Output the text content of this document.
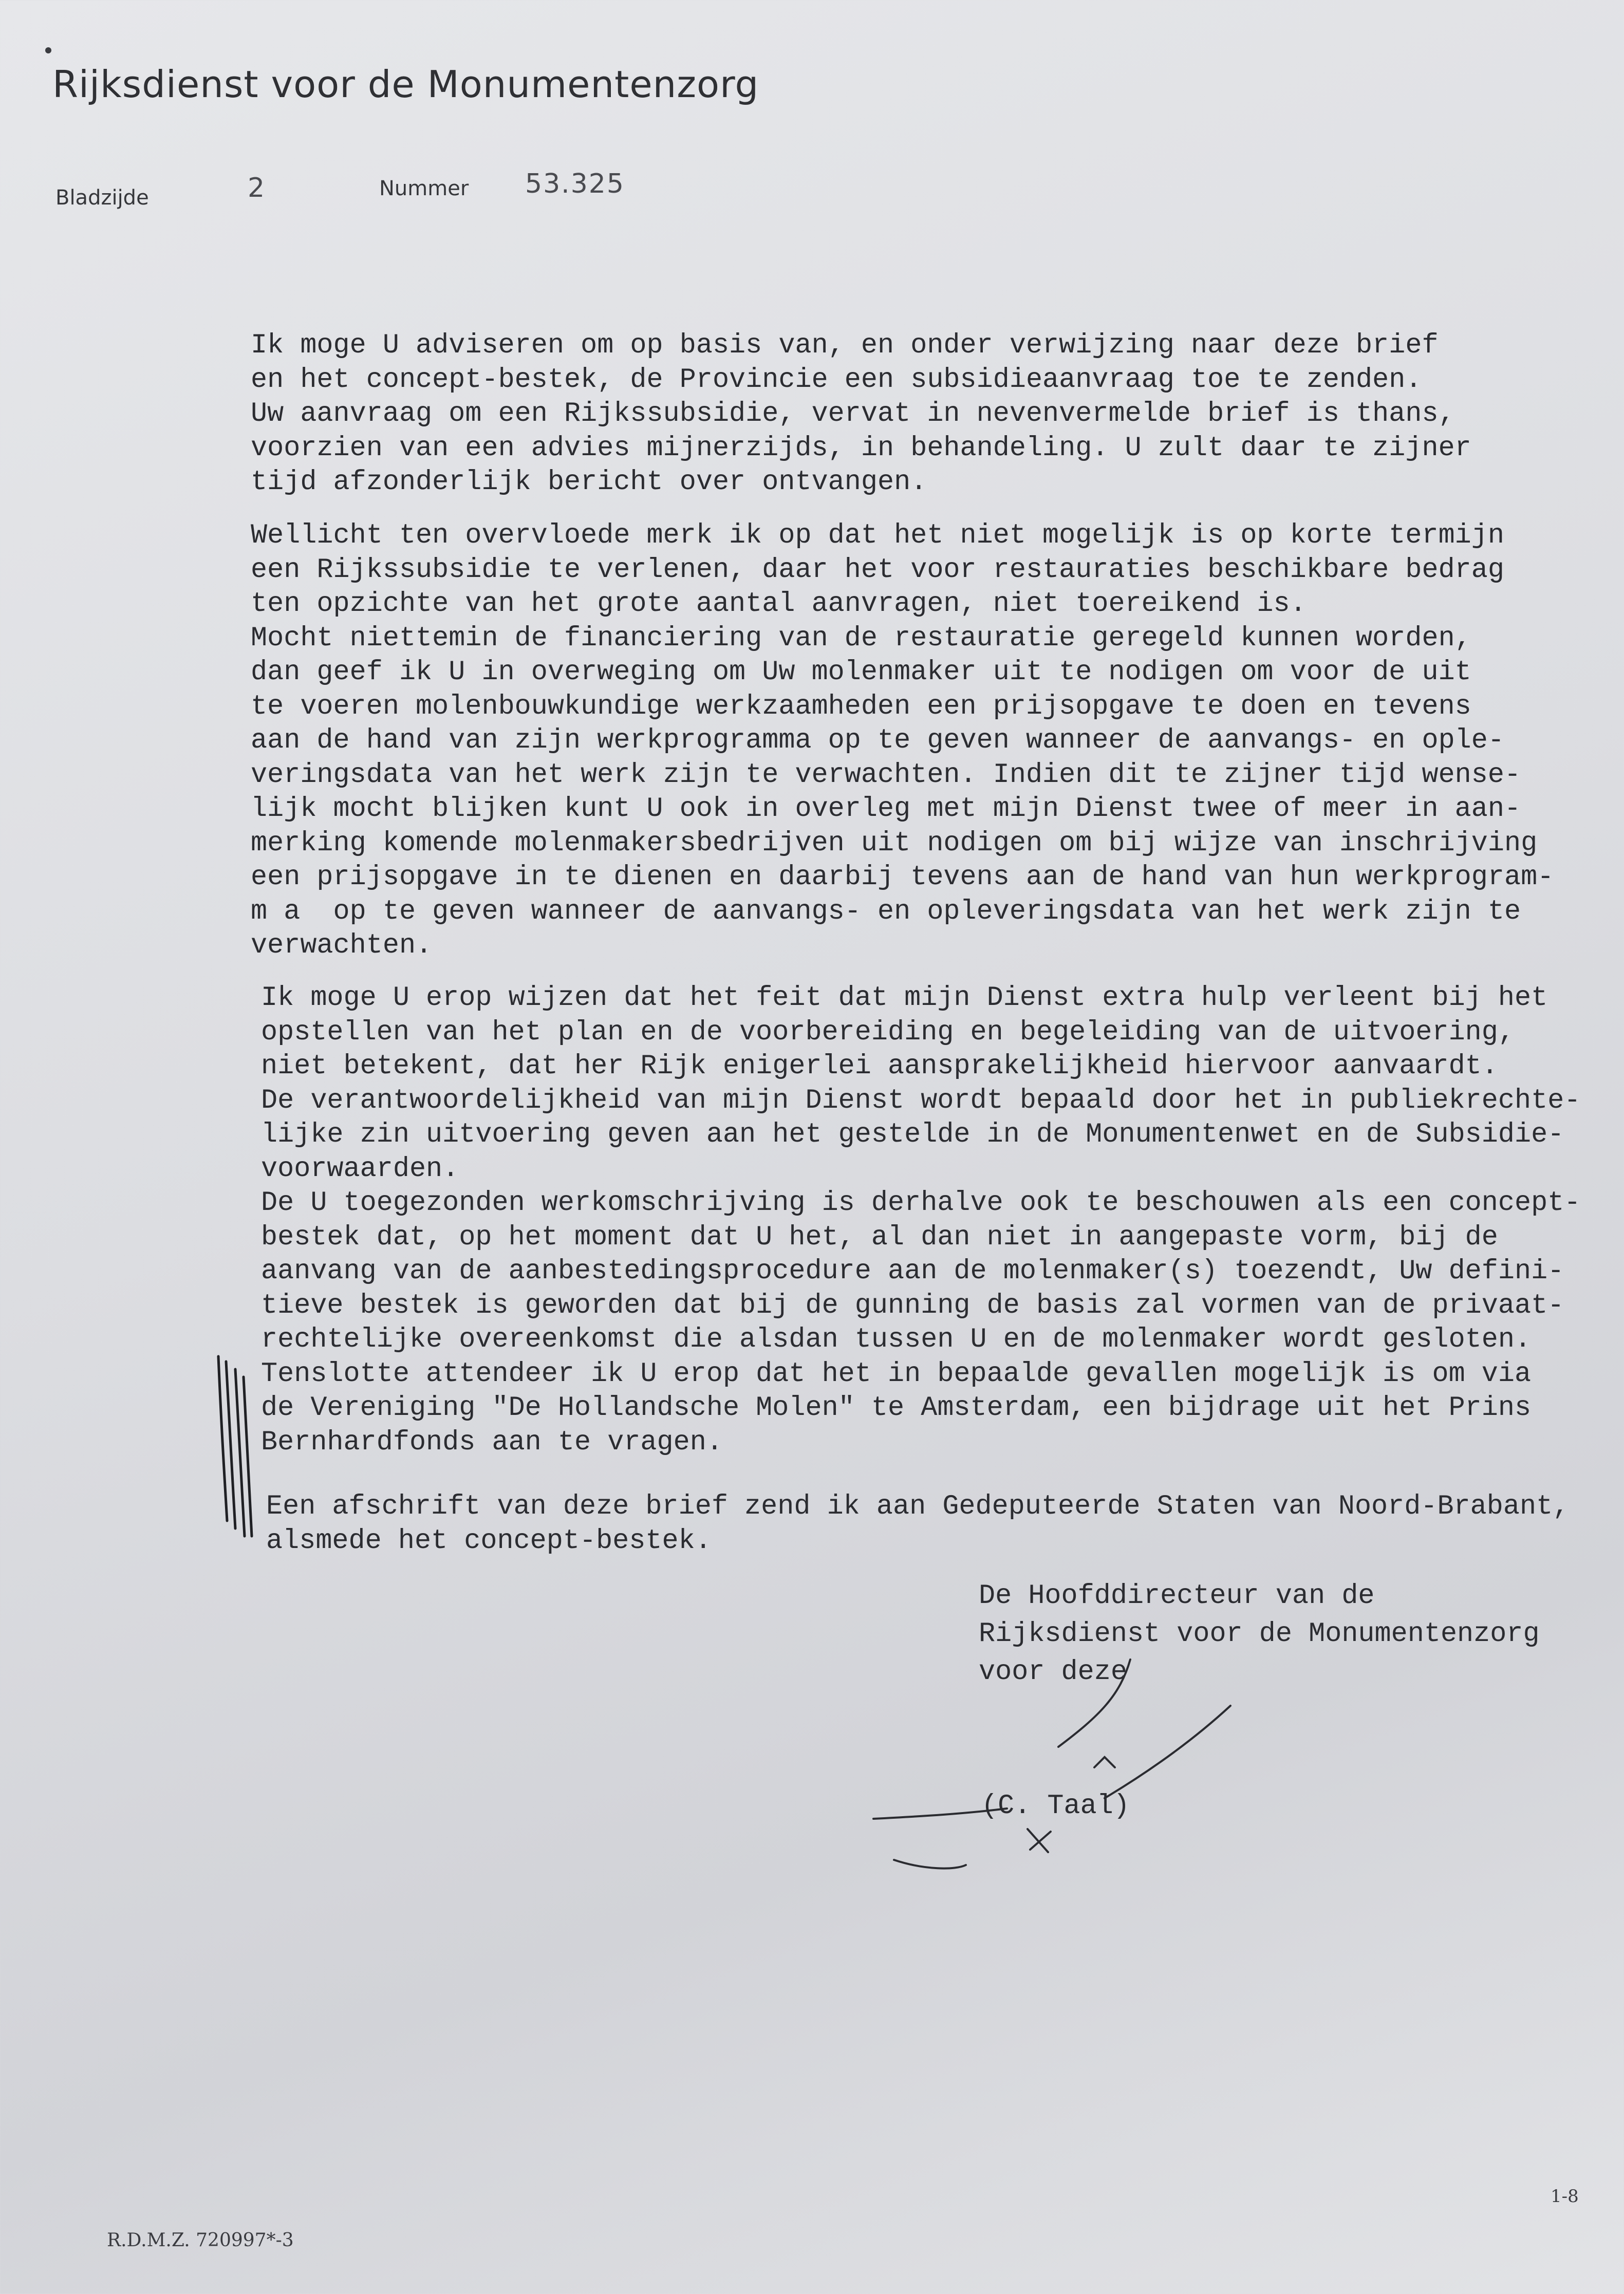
Rijksdienst voor de Monumentenzorg
Bladzijde	2	Nummer 53.325
Ik moge U adviseren om op basis van, en onder verwijzing naar deze brief
en het concept-bestek, de Provincie een subsidieaanvraag toe te zenden.
Uw aanvraag om een Rijkssubsidie, vervat in nevenvermelde brief is thans,
voorzien van een advies mijnerzijds, in behandeling. U zult daar te zijner
tijd afzonderlijk bericht over ontvangen.
Wellicht ten overvloede merk ik op dat het niet mogelijk is op korte termijn
een Rijkssubsidie te verlenen, daar het voor restauraties beschikbare bedrag
ten opzichte van het grote aantal aanvragen, niet toereikend is.
Mocht niettemin de financiering van de restauratie geregeld kunnen worden,
dan geef ik U in overweging om Uw molenmaker uit te nodigen om voor de uit
te voeren molenbouwkundige werkzaamheden een prijsopgave te doen en tevens
aan de hand van zijn werkprogramma op te geven wanneer de aanvangs- en ople-
veringsdata van het werk zijn te verwachten. Indien dit te zijner tijd wense-
lijk mocht blijken kunt U ook in overleg met mijn Dienst twee of meer in aan-
merking komende molenmakersbedrijven uit nodigen om bij wijze van inschrijving
een prijsopgave in te dienen en daarbij tevens aan de hand van hun werkprogram-
m a  op te geven wanneer de aanvangs- en opleveringsdata van het werk zijn te
verwachten.
Ik moge U erop wijzen dat het feit dat mijn Dienst extra hulp verleent bij het
opstellen van het plan en de voorbereiding en begeleiding van de uitvoering,
niet betekent, dat her Rijk enigerlei aansprakelijkheid hiervoor aanvaardt.
De verantwoordelijkheid van mijn Dienst wordt bepaald door het in publiekrechte-
lijke zin uitvoering geven aan het gestelde in de Monumentenwet en de Subsidie-
voorwaarden.
De U toegezonden werkomschrijving is derhalve ook te beschouwen als een concept-
bestek dat, op het moment dat U het, al dan niet in aangepaste vorm, bij de
aanvang van de aanbestedingsprocedure aan de molenmaker(s) toezendt, Uw defini-
tieve bestek is geworden dat bij de gunning de basis zal vormen van de privaat-
rechtelijke overeenkomst die alsdan tussen U en de molenmaker wordt gesloten.
Tenslotte attendeer ik U erop dat het in bepaalde gevallen mogelijk is om via
de Vereniging "De Hollandsche Molen" te Amsterdam, een bijdrage uit het Prins
Bernhardfonds aan te vragen.
Een afschrift van deze brief zend ik aan Gedeputeerde Staten van Noord-Brabant,
alsmede het concept-bestek.
De Hoofddirecteur van de
Rijksdienst voor de Monumentenzorg
voor deze
(C. Taal)
1-8
R.D.M.Z. 720997*-3
